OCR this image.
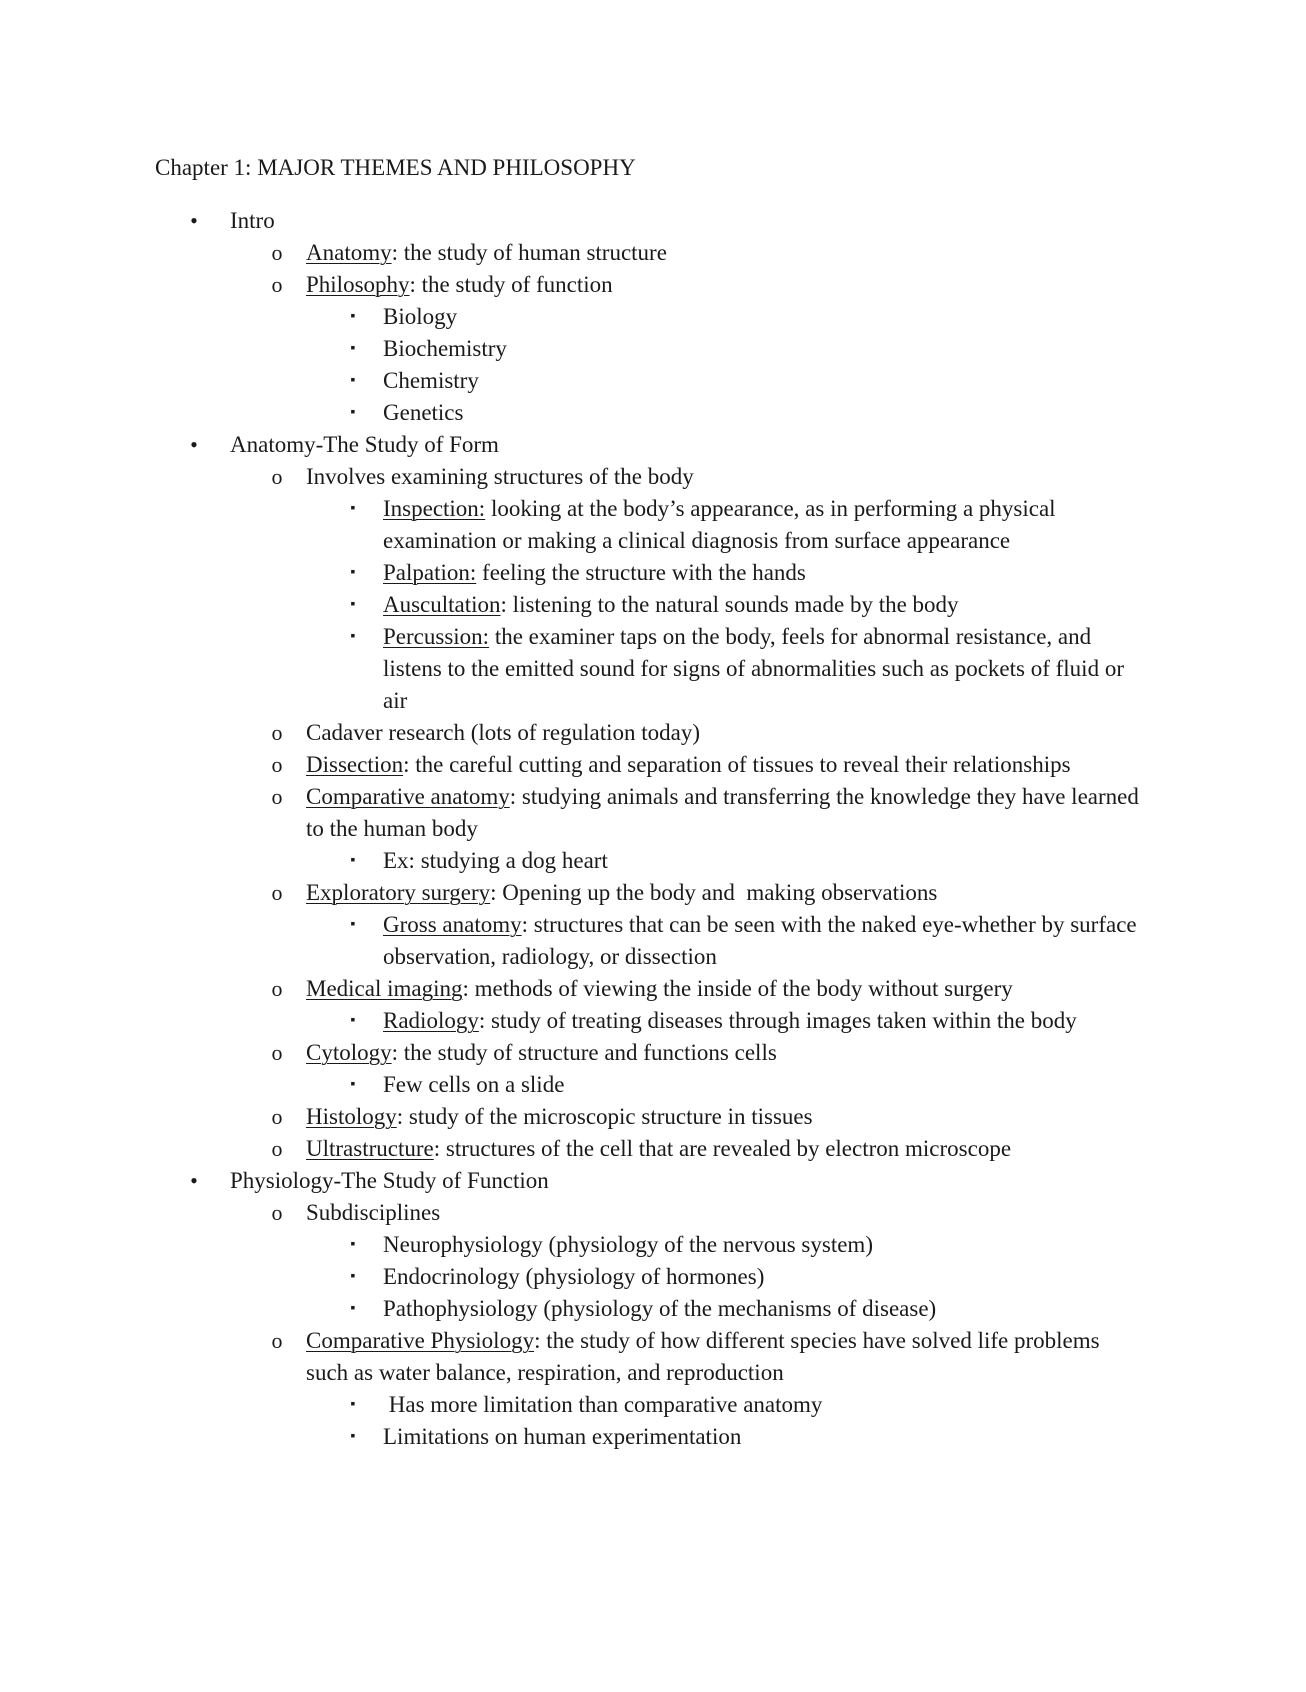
Chapter 1: MAJOR THEMES AND PHILOSOPHY
• Intro
o Anatomy: the study of human structure
o Philosophy: the study of function
▪ Biology
▪ Biochemistry
▪ Chemistry
▪ Genetics
• Anatomy-The Study of Form
o Involves examining structures of the body
▪ Inspection: looking at the body’s appearance, as in performing a physical examination or making a clinical diagnosis from surface appearance
▪ Palpation: feeling the structure with the hands
▪ Auscultation: listening to the natural sounds made by the body
▪ Percussion: the examiner taps on the body, feels for abnormal resistance, and listens to the emitted sound for signs of abnormalities such as pockets of fluid or air
o Cadaver research (lots of regulation today)
o Dissection: the careful cutting and separation of tissues to reveal their relationships
o Comparative anatomy: studying animals and transferring the knowledge they have learned to the human body
▪ Ex: studying a dog heart
o Exploratory surgery: Opening up the body and  making observations
▪ Gross anatomy: structures that can be seen with the naked eye-whether by surface observation, radiology, or dissection
o Medical imaging: methods of viewing the inside of the body without surgery
▪ Radiology: study of treating diseases through images taken within the body
o Cytology: the study of structure and functions cells
▪ Few cells on a slide
o Histology: study of the microscopic structure in tissues
o Ultrastructure: structures of the cell that are revealed by electron microscope
• Physiology-The Study of Function
o Subdisciplines
▪ Neurophysiology (physiology of the nervous system)
▪ Endocrinology (physiology of hormones)
▪ Pathophysiology (physiology of the mechanisms of disease)
o Comparative Physiology: the study of how different species have solved life problems such as water balance, respiration, and reproduction
▪ Has more limitation than comparative anatomy
▪ Limitations on human experimentation
